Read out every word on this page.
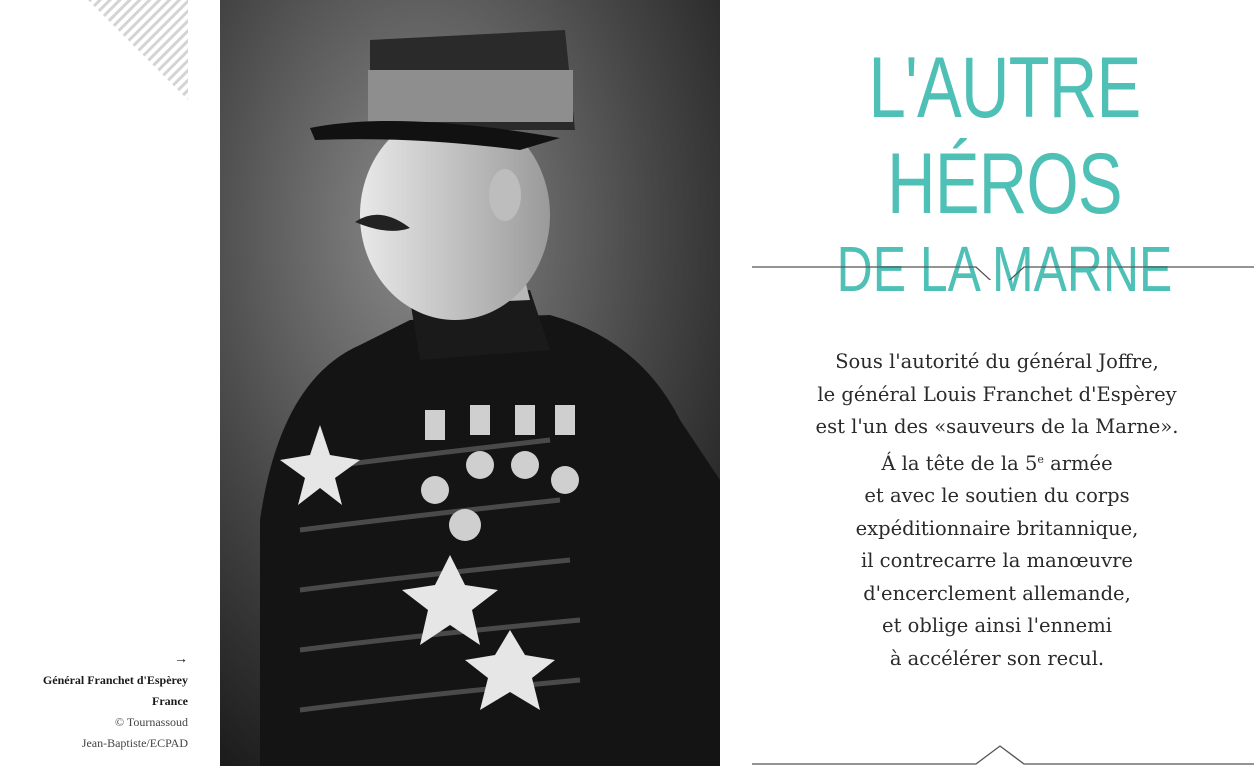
→
Général Franchet d'Espèrey
France
© Tournassoud
Jean-Baptiste/ECPAD
L'AUTRE HÉROS
DE LA MARNE
Sous l'autorité du général Joffre,
le général Louis Franchet d'Espèrey
est l'un des «sauveurs de la Marne».
Á la tête de la 5e armée
et avec le soutien du corps
expéditionnaire britannique,
il contrecarre la manœuvre
d'encerclement allemande,
et oblige ainsi l'ennemi
à accélérer son recul.
